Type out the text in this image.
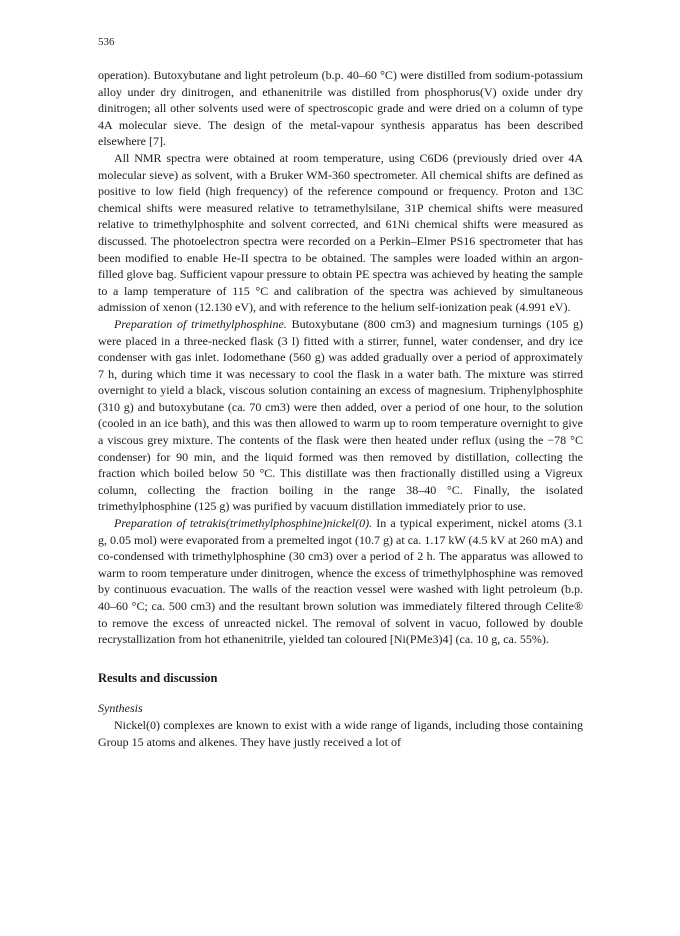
536

operation). Butoxybutane and light petroleum (b.p. 40–60 °C) were distilled from sodium-potassium alloy under dry dinitrogen, and ethanenitrile was distilled from phosphorus(V) oxide under dry dinitrogen; all other solvents used were of spectroscopic grade and were dried on a column of type 4A molecular sieve. The design of the metal-vapour synthesis apparatus has been described elsewhere [7].

All NMR spectra were obtained at room temperature, using C6D6 (previously dried over 4A molecular sieve) as solvent, with a Bruker WM-360 spectrometer. All chemical shifts are defined as positive to low field (high frequency) of the reference compound or frequency. Proton and 13C chemical shifts were measured relative to tetramethylsilane, 31P chemical shifts were measured relative to trimethylphosphite and solvent corrected, and 61Ni chemical shifts were measured as discussed. The photoelectron spectra were recorded on a Perkin–Elmer PS16 spectrometer that has been modified to enable He-II spectra to be obtained. The samples were loaded within an argon-filled glove bag. Sufficient vapour pressure to obtain PE spectra was achieved by heating the sample to a lamp temperature of 115 °C and calibration of the spectra was achieved by simultaneous admission of xenon (12.130 eV), and with reference to the helium self-ionization peak (4.991 eV).

Preparation of trimethylphosphine. Butoxybutane (800 cm3) and magnesium turnings (105 g) were placed in a three-necked flask (3 l) fitted with a stirrer, funnel, water condenser, and dry ice condenser with gas inlet. Iodomethane (560 g) was added gradually over a period of approximately 7 h, during which time it was necessary to cool the flask in a water bath. The mixture was stirred overnight to yield a black, viscous solution containing an excess of magnesium. Triphenylphosphite (310 g) and butoxybutane (ca. 70 cm3) were then added, over a period of one hour, to the solution (cooled in an ice bath), and this was then allowed to warm up to room temperature overnight to give a viscous grey mixture. The contents of the flask were then heated under reflux (using the −78 °C condenser) for 90 min, and the liquid formed was then removed by distillation, collecting the fraction which boiled below 50 °C. This distillate was then fractionally distilled using a Vigreux column, collecting the fraction boiling in the range 38–40 °C. Finally, the isolated trimethylphosphine (125 g) was purified by vacuum distillation immediately prior to use.

Preparation of tetrakis(trimethylphosphine)nickel(0). In a typical experiment, nickel atoms (3.1 g, 0.05 mol) were evaporated from a premelted ingot (10.7 g) at ca. 1.17 kW (4.5 kV at 260 mA) and co-condensed with trimethylphosphine (30 cm3) over a period of 2 h. The apparatus was allowed to warm to room temperature under dinitrogen, whence the excess of trimethylphosphine was removed by continuous evacuation. The walls of the reaction vessel were washed with light petroleum (b.p. 40–60 °C; ca. 500 cm3) and the resultant brown solution was immediately filtered through Celite® to remove the excess of unreacted nickel. The removal of solvent in vacuo, followed by double recrystallization from hot ethanenitrile, yielded tan coloured [Ni(PMe3)4] (ca. 10 g, ca. 55%).

Results and discussion

Synthesis

Nickel(0) complexes are known to exist with a wide range of ligands, including those containing Group 15 atoms and alkenes. They have justly received a lot of
